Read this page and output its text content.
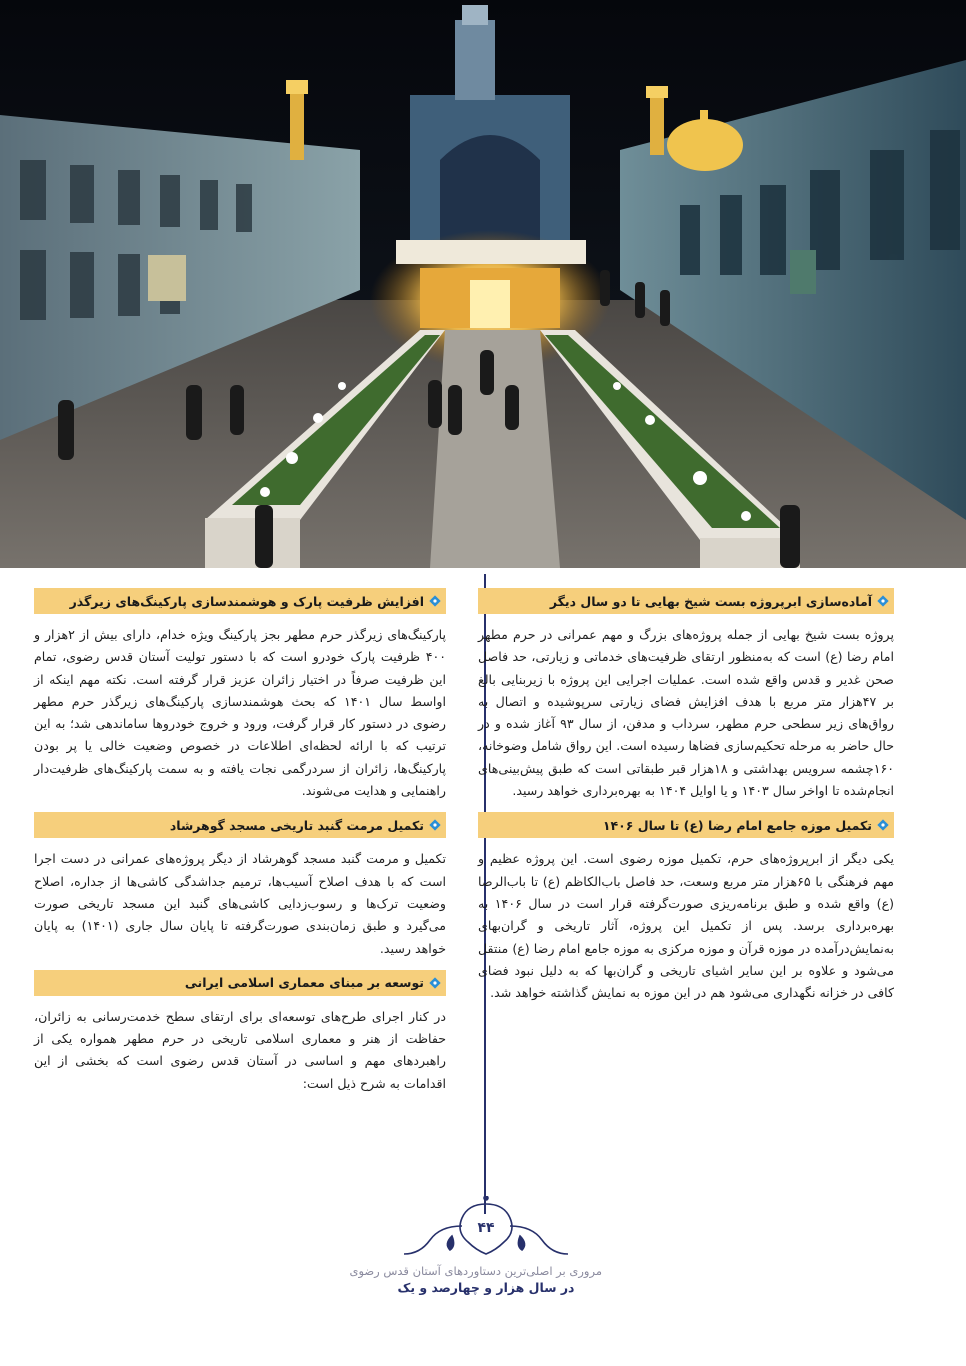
آماده‌سازی ابرپروژه بست شیخ بهایی تا دو سال دیگر

پروژه بست شیخ بهایی از جمله پروژه‌های بزرگ و مهم عمرانی در حرم مطهر امام رضا (ع) است که به‌منظور ارتقای ظرفیت‌های خدماتی و زیارتی، حد فاصل صحن غدیر و قدس واقع شده است. عملیات اجرایی این پروژه با زیربنایی بالغ بر ۴۷هزار متر مربع با هدف افزایش فضای زیارتی سرپوشیده و اتصال به رواق‌های زیر سطحی حرم مطهر، سرداب و مدفن، از سال ۹۳ آغاز شده و در حال حاضر به مرحله تحکیم‌سازی فضاها رسیده است. این رواق شامل وضوخانه، ۱۶۰چشمه سرویس بهداشتی و ۱۸هزار قبر طبقاتی است که طبق پیش‌بینی‌های انجام‌شده تا اواخر سال ۱۴۰۳ و یا اوایل ۱۴۰۴ به بهره‌برداری خواهد رسید.

تکمیل موزه جامع امام رضا (ع) تا سال ۱۴۰۶

یکی دیگر از ابرپروژه‌های حرم، تکمیل موزه رضوی است. این پروژه عظیم و مهم فرهنگی با ۶۵هزار متر مربع وسعت، حد فاصل باب‌الکاظم (ع) تا باب‌الرضا (ع) واقع شده و طبق برنامه‌ریزی صورت‌گرفته قرار است در سال ۱۴۰۶ به بهره‌برداری برسد. پس از تکمیل این پروژه، آثار تاریخی و گران‌بهای به‌نمایش‌درآمده در موزه قرآن و موزه مرکزی به موزه جامع امام رضا (ع) منتقل می‌شود و علاوه بر این سایر اشیای تاریخی و گران‌بها که به دلیل نبود فضای کافی در خزانه نگهداری می‌شود هم در این موزه به نمایش گذاشته خواهد شد.

افزایش ظرفیت پارک و هوشمندسازی پارکینگ‌های زیرگذر

پارکینگ‌های زیرگذر حرم مطهر بجز پارکینگ ویژه خدام، دارای بیش از ۲هزار و ۴۰۰ ظرفیت پارک خودرو است که با دستور تولیت آستان قدس رضوی، تمام این ظرفیت صرفاً در اختیار زائران عزیز قرار گرفته است. نکته مهم اینکه از اواسط سال ۱۴۰۱ که بحث هوشمندسازی پارکینگ‌های زیرگذر حرم مطهر رضوی در دستور کار قرار گرفت، ورود و خروج خودروها ساماندهی شد؛ به این ترتیب که با ارائه لحظه‌ای اطلاعات در خصوص وضعیت خالی یا پر بودن پارکینگ‌ها، زائران از سردرگمی نجات یافته و به سمت پارکینگ‌های ظرفیت‌دار راهنمایی و هدایت می‌شوند.

تکمیل مرمت گنبد تاریخی مسجد گوهرشاد

تکمیل و مرمت گنبد مسجد گوهرشاد از دیگر پروژه‌های عمرانی در دست اجرا است که با هدف اصلاح آسیب‌ها، ترمیم جداشدگی کاشی‌ها از جداره، اصلاح وضعیت ترک‌ها و رسوب‌زدایی کاشی‌های گنبد این مسجد تاریخی صورت می‌گیرد و طبق زمان‌بندی صورت‌گرفته تا پایان سال جاری (۱۴۰۱) به پایان خواهد رسید.

توسعه بر مبنای معماری اسلامی ایرانی

در کنار اجرای طرح‌های توسعه‌ای برای ارتقای سطح خدمت‌رسانی به زائران، حفاظت از هنر و معماری اسلامی تاریخی در حرم مطهر همواره یکی از راهبردهای مهم و اساسی در آستان قدس رضوی است که بخشی از این اقدامات به شرح ذیل است:

۴۴
مروری بر اصلی‌ترین دستاوردهای آستان قدس رضوی
در سال هزار و چهارصد و یک
